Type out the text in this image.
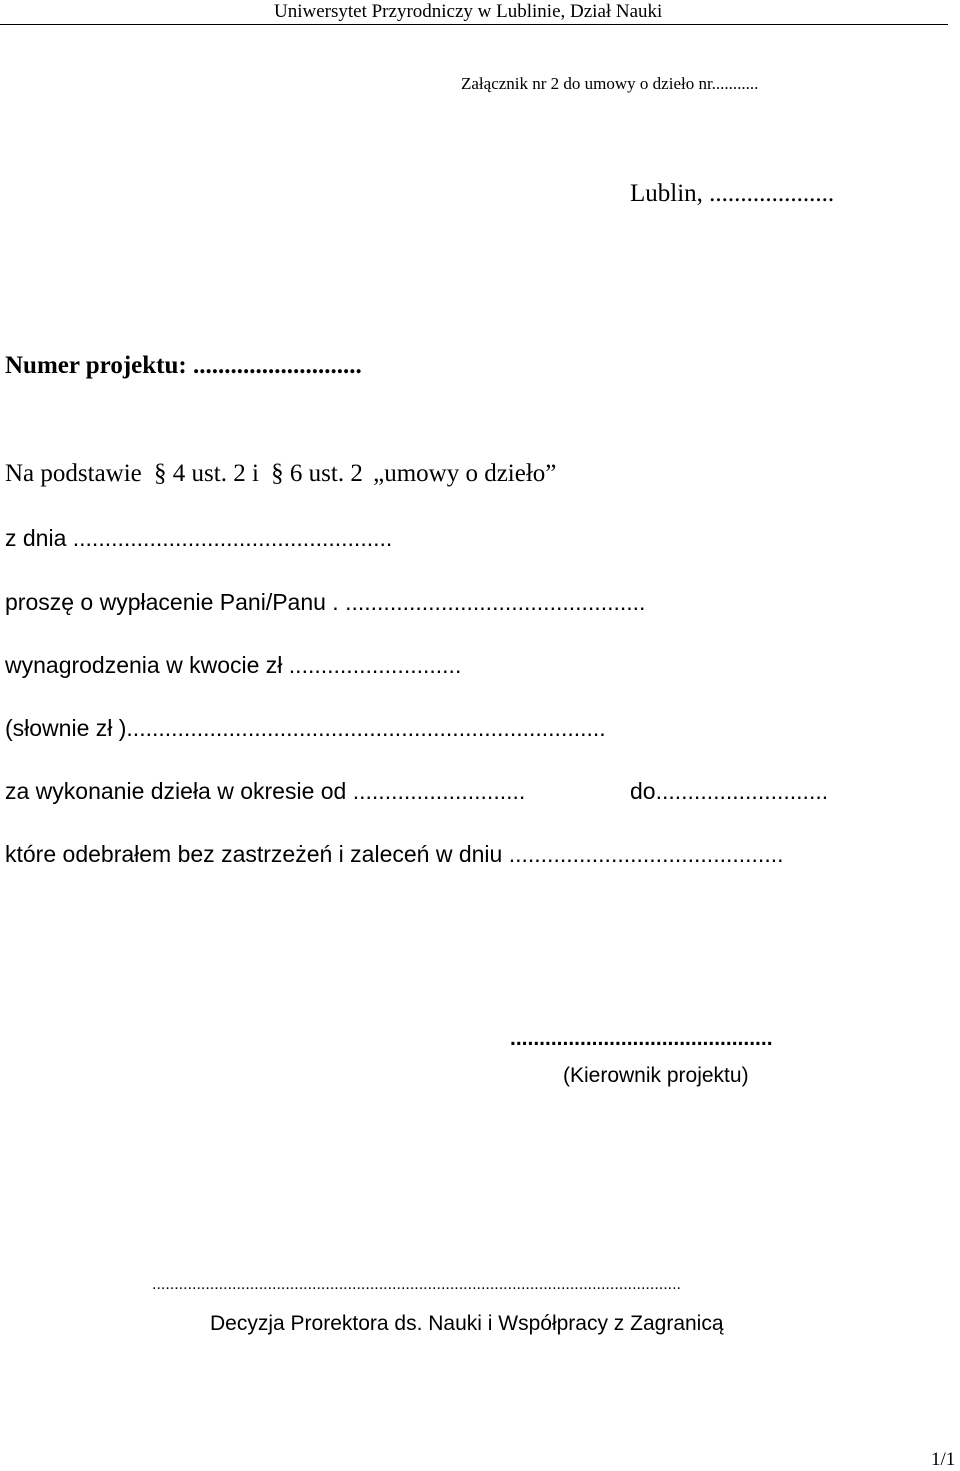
Uniwersytet Przyrodniczy w Lublinie, Dział Nauki
Załącznik nr 2 do umowy o dzieło nr...........
Lublin, ....................
Numer projektu: ...........................
Na podstawie § 4 ust. 2 i § 6 ust. 2 „umowy o dzieło”
z dnia ..................................................
proszę o wypłacenie Pani/Panu . ...............................................
wynagrodzenia w kwocie zł ...........................
(słownie zł )...........................................................................
za wykonanie dzieła w okresie od ...........................	do...........................
które odebrałem bez zastrzeżeń i zaleceń w dniu ...........................................
.............................................
(Kierownik projektu)
.......................................................................................................................
Decyzja Prorektora ds. Nauki i Współpracy z Zagranicą
1/1
